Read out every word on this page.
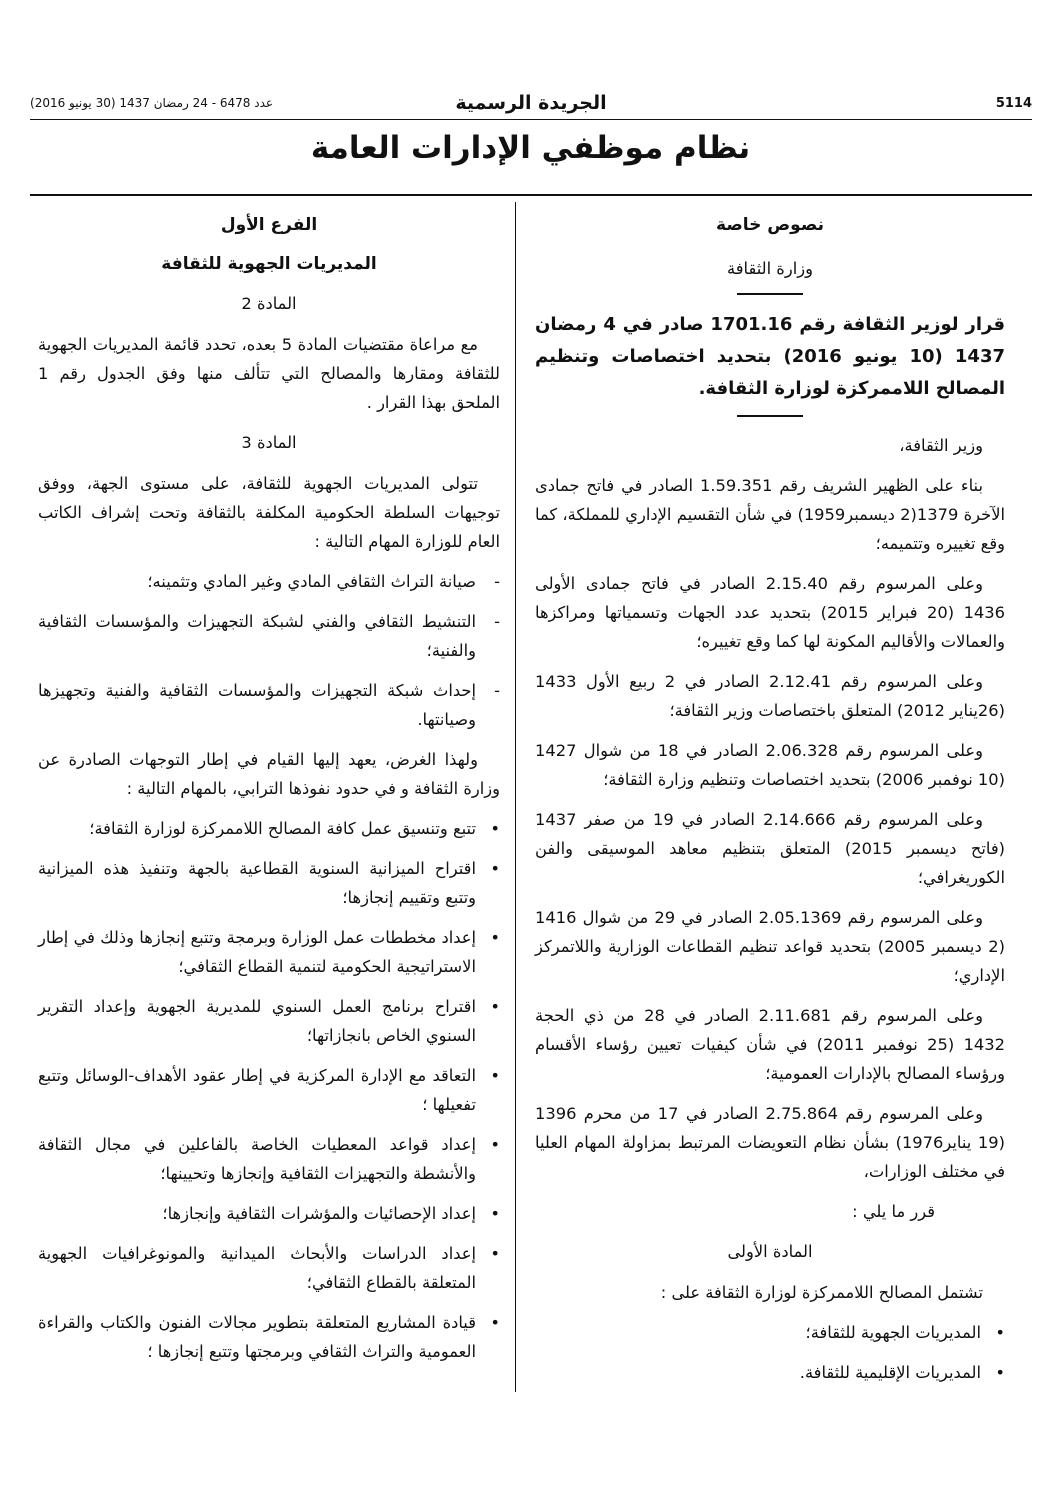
5114
الجريدة الرسمية
عدد 6478 - 24 رمضان 1437 (30 يونيو 2016)
نظام موظفي الإدارات العامة
نصوص خاصة
وزارة الثقافة

قرار لوزير الثقافة رقم 1701.16 صادر في 4 رمضان 1437 (10 يونيو 2016) بتحديد اختصاصات وتنظيم المصالح اللاممركزة لوزارة الثقافة.

وزير الثقافة،

بناء على الظهير الشريف رقم 1.59.351 الصادر في فاتح جمادى الآخرة 1379(2 ديسمبر1959) في شأن التقسيم الإداري للمملكة، كما وقع تغييره وتتميمه؛

وعلى المرسوم رقم 2.15.40 الصادر في فاتح جمادى الأولى 1436 (20 فبراير 2015) بتحديد عدد الجهات وتسمياتها ومراكزها والعمالات والأقاليم المكونة لها كما وقع تغييره؛

وعلى المرسوم رقم 2.12.41 الصادر في 2 ربيع الأول 1433 (26يناير 2012) المتعلق باختصاصات وزير الثقافة؛

وعلى المرسوم رقم 2.06.328 الصادر في 18 من شوال 1427 (10 نوفمبر 2006) بتحديد اختصاصات وتنظيم وزارة الثقافة؛

وعلى المرسوم رقم 2.14.666 الصادر في 19 من صفر 1437 (فاتح ديسمبر 2015) المتعلق بتنظيم معاهد الموسيقى والفن الكوريغرافي؛

وعلى المرسوم رقم 2.05.1369 الصادر في 29 من شوال 1416 (2 ديسمبر 2005) بتحديد قواعد تنظيم القطاعات الوزارية واللاتمركز الإداري؛

وعلى المرسوم رقم 2.11.681 الصادر في 28 من ذي الحجة 1432 (25 نوفمبر 2011) في شأن كيفيات تعيين رؤساء الأقسام ورؤساء المصالح بالإدارات العمومية؛

وعلى المرسوم رقم 2.75.864 الصادر في 17 من محرم 1396 (19 يناير1976) بشأن نظام التعويضات المرتبط بمزاولة المهام العليا في مختلف الوزارات،

قرر ما يلي :

المادة الأولى

تشتمل المصالح اللاممركزة لوزارة الثقافة على :

•
المديريات الجهوية للثقافة؛
•
المديريات الإقليمية للثقافة.
الفرع الأول
المديريات الجهوية للثقافة
المادة 2

مع مراعاة مقتضيات المادة 5 بعده، تحدد قائمة المديريات الجهوية للثقافة ومقارها والمصالح التي تتألف منها وفق الجدول رقم 1 الملحق بهذا القرار .

المادة 3

تتولى المديريات الجهوية للثقافة، على مستوى الجهة، ووفق توجيهات السلطة الحكومية المكلفة بالثقافة وتحت إشراف الكاتب العام للوزارة المهام التالية :

-
صيانة التراث الثقافي المادي وغير المادي وتثمينه؛
-
التنشيط الثقافي والفني لشبكة التجهيزات والمؤسسات الثقافية والفنية؛
-
إحداث شبكة التجهيزات والمؤسسات الثقافية والفنية وتجهيزها وصيانتها.

ولهذا الغرض، يعهد إليها القيام في إطار التوجهات الصادرة عن وزارة الثقافة و في حدود نفوذها الترابي، بالمهام التالية :

•
تتبع وتنسيق عمل كافة المصالح اللاممركزة لوزارة الثقافة؛
•
اقتراح الميزانية السنوية القطاعية بالجهة وتنفيذ هذه الميزانية وتتبع وتقييم إنجازها؛
•
إعداد مخططات عمل الوزارة وبرمجة وتتبع إنجازها وذلك في إطار الاستراتيجية الحكومية لتنمية القطاع الثقافي؛
•
اقتراح برنامج العمل السنوي للمديرية الجهوية وإعداد التقرير السنوي الخاص بانجازاتها؛
•
التعاقد مع الإدارة المركزية في إطار عقود الأهداف-الوسائل وتتبع تفعيلها ؛
•
إعداد قواعد المعطيات الخاصة بالفاعلين في مجال الثقافة والأنشطة والتجهيزات الثقافية وإنجازها وتحيينها؛
•
إعداد الإحصائيات والمؤشرات الثقافية وإنجازها؛
•
إعداد الدراسات والأبحاث الميدانية والمونوغرافيات الجهوية المتعلقة بالقطاع الثقافي؛
•
قيادة المشاريع المتعلقة بتطوير مجالات الفنون والكتاب والقراءة العمومية والتراث الثقافي وبرمجتها وتتبع إنجازها ؛
